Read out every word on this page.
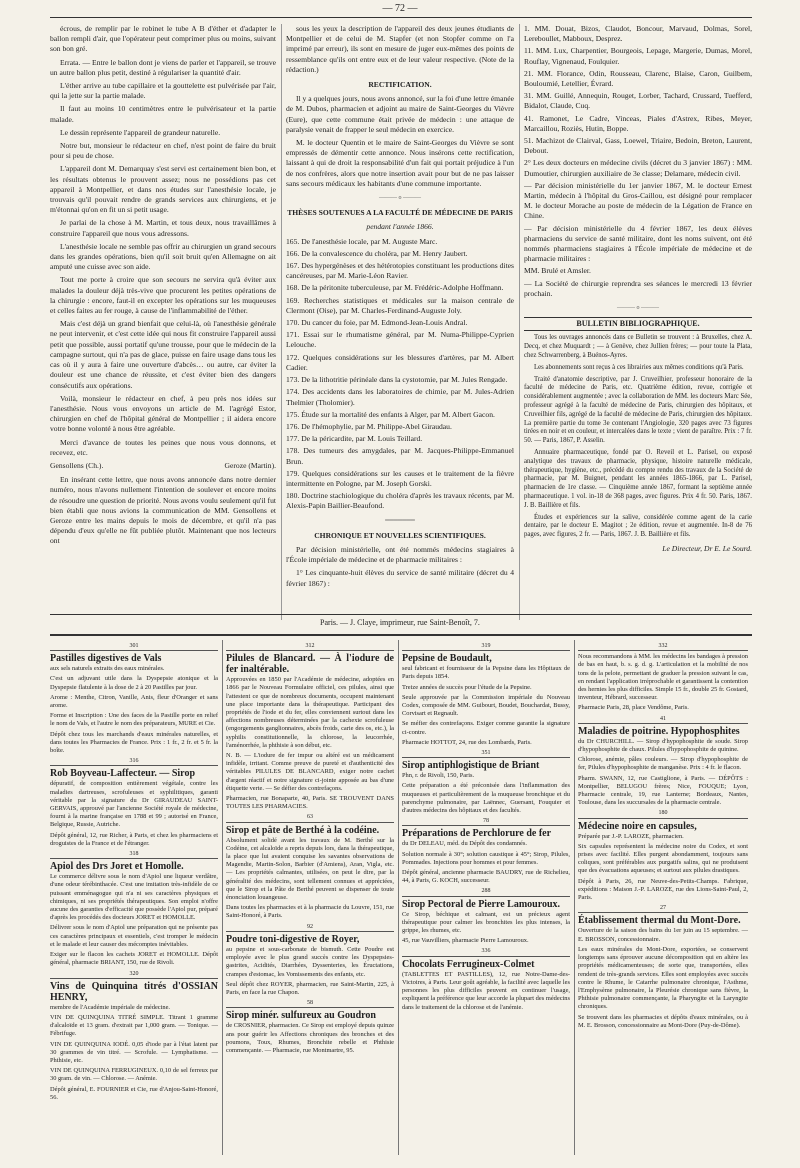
— 72 —

écrous, de remplir par le robinet le tube A B d'éther et d'adapter le ballon rempli d'air, que l'opérateur peut comprimer plus ou moins, suivant son bon gré.

Errata. — Entre le ballon dont je viens de parler et l'appareil, se trouve un autre ballon plus petit, destiné à régulariser la quantité d'air.

L'éther arrive au tube capillaire et la gouttelette est pulvérisée par l'air, qui la jette sur la partie malade.

Il faut au moins 10 centimètres entre le pulvérisateur et la partie malade.

Le dessin représente l'appareil de grandeur naturelle.

Notre but, monsieur le rédacteur en chef, n'est point de faire du bruit pour si peu de chose.

L'appareil dont M. Demarquay s'est servi est certainement bien bon, et les résultats obtenus le prouvent assez; nous ne possédions pas cet appareil à Montpellier, et dans nos études sur l'anesthésie locale, je trouvais qu'il pouvait rendre de grands services aux chirurgiens, et je m'étonnai qu'on en fit un si petit usage.

Je parlai de la chose à M. Martin, et tous deux, nous travaillâmes à construire l'appareil que nous vous adressons.

L'anesthésie locale ne semble pas offrir au chirurgien un grand secours dans les grandes opérations, bien qu'il soit bruit qu'en Allemagne on ait amputé une cuisse avec son aide.

Tout me porte à croire que son secours ne servira qu'à éviter aux malades la douleur déjà très-vive que procurent les petites opérations de la chirurgie : encore, faut-il en excepter les opérations sur les muqueuses et celles faites au fer rouge, à cause de l'inflammabilité de l'éther.

Mais c'est déjà un grand bienfait que celui-là, où l'anesthésie générale ne peut intervenir, et c'est cette idée qui nous fit construire l'appareil aussi petit que possible, aussi portatif qu'une trousse, pour que le médecin de la campagne surtout, qui n'a pas de glace, puisse en faire usage dans tous les cas où il y aura à faire une ouverture d'abcès… ou autre, car éviter la douleur est une chance de réussite, et c'est éviter bien des dangers consécutifs aux opérations.

Voilà, monsieur le rédacteur en chef, à peu près nos idées sur l'anesthésie. Nous vous envoyons un article de M. l'agrégé Estor, chirurgien en chef de l'hôpital général de Montpellier ; il aidera encore votre bonne volonté à nous être agréable.

Merci d'avance de toutes les peines que nous vous donnons, et recevez, etc.

Gensollens (Ch.).	Geroze (Martin).

En insérant cette lettre, que nous avons annoncée dans notre dernier numéro, nous n'avons nullement l'intention de soulever et encore moins de résoudre une question de priorité. Nous avons voulu seulement qu'il fut bien établi que nous avions la communication de MM. Gensollens et Geroze entre les mains depuis le mois de décembre, et qu'il n'a pas dépendu d'eux qu'elle ne fût publiée plutôt. Maintenant que nos lecteurs ont

sous les yeux la description de l'appareil des deux jeunes étudiants de Montpellier et de celui de M. Stapfer (et non Stopfer comme on l'a imprimé par erreur), ils sont en mesure de juger eux-mêmes des points de ressemblance qu'ils ont entre eux et de leur valeur respective. (Note de la rédaction.)

RECTIFICATION.

Il y a quelques jours, nous avons annoncé, sur la foi d'une lettre émanée de M. Dubos, pharmacien et adjoint au maire de Saint-Georges du Vièvre (Eure), que cette commune était privée de médecin : une attaque de paralysie venait de frapper le seul médecin en exercice.

M. le docteur Quentin et le maire de Saint-Georges du Vièvre se sont empressés de démentir cette annonce. Nous insérons cette rectification, laissant à qui de droit la responsabilité d'un fait qui portait préjudice à l'un de nos confrères, alors que notre insertion avait pour but de ne pas laisser sans secours médicaux les habitants d'une commune importante.

——— o ———
THÈSES SOUTENUES A LA FACULTÉ DE MÉDECINE DE PARIS
pendant l'année 1866.

165. De l'anesthésie locale, par M. Auguste Marc.

166. De la convalescence du choléra, par M. Henry Jaubert.

167. Des hypergénèses et des hétérotopies constituant les productions dites cancéreuses, par M. Marie-Léon Ravier.

168. De la péritonite tuberculeuse, par M. Frédéric-Adolphe Hoffmann.

169. Recherches statistiques et médicales sur la maison centrale de Clermont (Oise), par M. Charles-Ferdinand-Auguste Joly.

170. Du cancer du foie, par M. Edmond-Jean-Louis Andral.

171. Essai sur le rhumatisme général, par M. Numa-Philippe-Cyprien Lelouche.

172. Quelques considérations sur les blessures d'artères, par M. Albert Cadier.

173. De la lithotritie périnéale dans la cystotomie, par M. Jules Rengade.

174. Des accidents dans les laboratoires de chimie, par M. Jules-Adrien Thelmier (Tholomier).

175. Étude sur la mortalité des enfants à Alger, par M. Albert Gacon.

176. De l'hémophylie, par M. Philippe-Abel Giraudau.

177. De la péricardite, par M. Louis Teillard.

178. Des tumeurs des amygdales, par M. Jacques-Philippe-Emmanuel Brun.

179. Quelques considérations sur les causes et le traitement de la fièvre intermittente en Pologne, par M. Joseph Gorski.

180. Doctrine stachiologique du choléra d'après les travaux récents, par M. Alexis-Papin Baillier-Beaufond.

═══════
CHRONIQUE ET NOUVELLES SCIENTIFIQUES.

Par décision ministérielle, ont été nommés médecins stagiaires à l'École impériale de médecine et de pharmacie militaires :

1° Les cinquante-huit élèves du service de santé militaire (décret du 4 février 1867) :

1. MM. Douat, Bizos, Claudot, Boncour, Marvaud, Dolmas, Sorel, Lereboullet, Mabboux, Desprez.

11. MM. Lux, Charpentier, Bourgeois, Lepage, Margerie, Dumas, Morel, Rouflay, Vignenaud, Foulquier.

21. MM. Florance, Odin, Rousseau, Clarenc, Blaise, Caron, Guilbem, Bouloumié, Letellier, Évrard.

31. MM. Guillé, Annequin, Rouget, Lorber, Tachard, Crussard, Tuefferd, Bidalot, Claude, Cuq.

41. Ramonet, Le Cadre, Vinceas, Piales d'Astrex, Ribes, Meyer, Marcaillou, Roziès, Hutin, Boppe.

51. Machizot de Clairval, Gass, Loewel, Triaire, Bedoin, Breton, Laurent, Debout.

2° Les deux docteurs en médecine civils (décret du 3 janvier 1867) : MM. Dumoutier, chirurgien auxiliaire de 3e classe; Delamare, médecin civil.

— Par décision ministérielle du 1er janvier 1867, M. le docteur Ernest Martin, médecin à l'hôpital du Gros-Caillou, est désigné pour remplacer M. le docteur Morache au poste de médecin de la Légation de France en Chine.

— Par décision ministérielle du 4 février 1867, les deux élèves pharmaciens du service de santé militaire, dont les noms suivent, ont été nommés pharmaciens stagiaires à l'École impériale de médecine et de pharmacie militaires :

MM. Brulé et Amsler.

— La Société de chirurgie reprendra ses séances le mercredi 13 février prochain.

——— o ———
BULLETIN BIBLIOGRAPHIQUE.

Tous les ouvrages annoncés dans ce Bulletin se trouvent : à Bruxelles, chez A. Decq, et chez Muquardt ; — à Genève, chez Jullien frères; — pour toute la Plata, chez Schwarrenberg, à Buénos-Ayres.

Les abonnements sont reçus à ces librairies aux mêmes conditions qu'à Paris.

Traité d'anatomie descriptive, par J. Cruveilhier, professeur honoraire de la faculté de médecine de Paris, etc. Quatrième édition, revue, corrigée et considérablement augmentée ; avec la collaboration de MM. les docteurs Marc Sée, professeur agrégé à la faculté de médecine de Paris, chirurgien des hôpitaux, et Cruveilhier fils, agrégé de la faculté de médecine de Paris, chirurgien des hôpitaux. La première partie du tome 3e contenant l'Angiologie, 320 pages avec 73 figures tirées en noir et en couleur, et intercalées dans le texte ; vient de paraître. Prix : 7 fr. 50. — Paris, 1867, P. Asselin.

Annuaire pharmaceutique, fondé par O. Reveil et L. Parisel, ou exposé analytique des travaux de pharmacie, physique, histoire naturelle médicale, thérapeutique, hygiène, etc., précédé du compte rendu des travaux de la Société de pharmacie, par M. Buignet, pendant les années 1865-1866, par L. Parisel, pharmacien de 1re classe. — Cinquième année 1867, formant la septième année pharmaceutique. 1 vol. in-18 de 368 pages, avec figures. Prix 4 fr. 50. Paris, 1867. J. B. Baillière et fils.

Études et expériences sur la salive, considérée comme agent de la carie dentaire, par le docteur E. Magitot ; 2e édition, revue et augmentée. In-8 de 76 pages, avec figures, 2 fr. — Paris, 1867. J. B. Baillière et fils.

Le Directeur, Dr E. Le Sourd.
Paris. — J. Claye, imprimeur, rue Saint-Benoît, 7.
301
Pastilles digestives de Vals

aux sels naturels extraits des eaux minérales.

C'est un adjuvant utile dans la Dyspepsie atonique et la Dyspepsie flatulente à la dose de 2 à 20 Pastilles par jour.

Arome : Menthe, Citron, Vanille, Anis, fleur d'Oranger et sans arome.

Forme et Inscription : Une des faces de la Pastille porte en relief le nom de Vals, et l'autre le nom des préparateurs, MURE et Cie.

Dépôt chez tous les marchands d'eaux minérales naturelles, et dans toutes les Pharmacies de France. Prix : 1 fr., 2 fr. et 5 fr. la boîte.

316
Rob Boyveau-Laffecteur. — Sirop

dépuratif, de composition entièrement végétale, contre les maladies dartreuses, scrofuleuses et syphilitiques, garanti véritable par la signature du Dr GIRAUDEAU SAINT-GERVAIS, approuvé par l'ancienne Société royale de médecine, fourni à la marine française en 1788 et 99 ; autorisé en France, Belgique, Russie, Autriche.

Dépôt général, 12, rue Richer, à Paris, et chez les pharmaciens et droguistes de la France et de l'étranger.

318
Apiol des Drs Joret et Homolle.

Le commerce délivre sous le nom d'Apiol une liqueur verdâtre, d'une odeur térébinthacée. C'est une imitation très-infidèle de ce puissant emménagogue qui n'a ni ses caractères physiques et chimiques, ni ses propriétés thérapeutiques. Son emploi n'offre aucune des garanties d'efficacité que possède l'Apiol pur, préparé d'après les procédés des docteurs JORET et HOMOLLE.

Délivrer sous le nom d'Apiol une préparation qui ne présente pas ces caractères principaux et essentiels, c'est tromper le médecin et le malade et leur causer des mécomptes inévitables.

Exiger sur le flacon les cachets JORET et HOMOLLE. Dépôt général, pharmacie BRIANT, 150, rue de Rivoli.

320
Vins de Quinquina titrés d'OSSIAN HENRY,

membre de l'Académie impériale de médecine.

VIN DE QUINQUINA TITRÉ SIMPLE. Titrant 1 gramme d'alcaloïde et 13 gram. d'extrait par 1,000 gram. — Tonique. — Fébrifuge.

VIN DE QUINQUINA IODÉ. 0,05 d'iode par à l'état latent par 30 grammes de vin titré. — Scrofule. — Lymphatisme. — Phthisie, etc.

VIN DE QUINQUINA FERRUGINEUX. 0,10 de sel ferreux par 30 gram. de vin. — Chlorose. — Anémie.

Dépôt général, E. FOURNIER et Cie, rue d'Anjou-Saint-Honoré, 56.

312
Pilules de Blancard. — À l'iodure de fer inaltérable.

Approuvées en 1850 par l'Académie de médecine, adoptées en 1866 par le Nouveau Formulaire officiel, ces pilules, ainsi que l'attestent ce que de nombreux documents, occupent maintenant une place importante dans la thérapeutique. Participant des propriétés de l'iode et du fer, elles conviennent surtout dans les affections nombreuses déterminées par la cachexie scrofuleuse (engorgements ganglionnaires, abcès froids, carie des os, etc.), la syphilis constitutionnelle, la chlorose, la leucorrhée, l'aménorrhée, la phthisie à son début, etc.

N. B. — L'iodure de fer impur ou altéré est un médicament infidèle, irritant. Comme preuve de pureté et d'authenticité des véritables PILULES DE BLANCARD, exiger notre cachet d'argent réactif et notre signature ci-jointe apposée au bas d'une étiquette verte. — Se défier des contrefaçons.

Pharmacien, rue Bonaparte, 40, Paris. SE TROUVENT DANS TOUTES LES PHARMACIES.

63
Sirop et pâte de Berthé à la codéine.

Absolument solidé avant les travaux de M. Berthé sur la Codéine, cet alcaloïde a repris depuis lors, dans la thérapeutique, la place que lui avaient conquise les savantes observations de Magendie, Martin-Solon, Barbier (d'Amiens), Aran, Vigla, etc. — Les propriétés calmantes, utilisées, on peut le dire, par la généralité des médecins, sont tellement connues et appréciées, que le Sirop et la Pâte de Berthé peuvent se dispenser de toute énonciation louangeuse.

Dans toutes les pharmacies et à la pharmacie du Louvre, 151, rue Saint-Honoré, à Paris.

92
Poudre toni-digestive de Royer,

au pepsine et sous-carbonate de bismuth. Cette Poudre est employée avec le plus grand succès contre les Dyspepsies-gastrites, Acidités, Diarrhées, Dyssenteries, les Éructations, crampes d'estomac, les Vomissements des enfants, etc.

Seul dépôt chez ROYER, pharmacien, rue Saint-Martin, 225, à Paris, en face la rue Chapon.

58
Sirop minér. sulfureux au Goudron

de CROSNIER, pharmacien. Ce Sirop est employé depuis quinze ans pour guérir les Affections chroniques des bronches et des poumons, Toux, Rhumes, Bronchite rebelle et Phthisie commençante. — Pharmacie, rue Montmartre, 95.

319
Pepsine de Boudault,

seul fabricant et fournisseur de la Pepsine dans les Hôpitaux de Paris depuis 1854.

Treize années de succès pour l'étude de la Pepsine.

Seule approuvée par la Commission impériale du Nouveau Codex, composée de MM. Guibourt, Boudet, Bouchardat, Bussy, Corvisart et Regnault.

Se méfier des contrefaçons. Exiger comme garantie la signature ci-contre.

Pharmacie HOTTOT, 24, rue des Lombards, Paris.

351
Sirop antiphlogistique de Briant

Phn, r. de Rivoli, 150, Paris.

Cette préparation a été préconisée dans l'inflammation des muqueuses et particulièrement de la muqueuse bronchique et du parenchyme pulmonaire, par Laënnec, Guersant, Fouquier et d'autres médecins des hôpitaux et des facultés.

78
Préparations de Perchlorure de fer

du Dr DELEAU, méd. du Dépôt des condamnés.

Solution normale à 30°; solution caustique à 45°; Sirop, Pilules, Pommades. Injections pour hommes et pour femmes.

Dépôt général, ancienne pharmacie BAUDRY, rue de Richelieu, 44, à Paris, G. KOCH, successeur.

288
Sirop Pectoral de Pierre Lamouroux.

Ce Sirop, béchique et calmant, est un précieux agent thérapeutique pour calmer les bronchites les plus intenses, la grippe, les rhumes, etc.

45, rue Vauvilliers, pharmacie Pierre Lamouroux.

336
Chocolats Ferrugineux-Colmet

(TABLETTES ET PASTILLES), 12, rue Notre-Dame-des-Victoires, à Paris. Leur goût agréable, la facilité avec laquelle les personnes les plus difficiles peuvent en continuer l'usage, expliquent la préférence que leur accorde la plupart des médecins dans le traitement de la chlorose et de l'anémie.

332

Nous recommandons à MM. les médecins les bandages à pression de bas en haut, b. s. g. d. g. L'articulation et la mobilité de nos tons de la pelote, permettant de graduer la pression suivant le cas, en rendant l'application irréprochable et garantissent la contention des hernies les plus difficiles. Simple 15 fr., double 25 fr. Gostard, inventeur, Hébrard, successeur.

Pharmacie Paris, 28, place Vendôme, Paris.

41
Maladies de poitrine. Hypophosphites

du Dr CHURCHILL. — Sirop d'hypophosphite de soude. Sirop d'hypophosphite de chaux. Pilules d'hypophosphite de quinine.

Chlorose, anémie, pâles couleurs. — Sirop d'hypophosphite de fer, Pilules d'hypophosphite de manganèse. Prix : 4 fr. le flacon.

Pharm. SWANN, 12, rue Castiglione, à Paris. — DÉPÔTS : Montpellier, BELUGOU frères; Nice, FOUQUE; Lyon, Pharmacie centrale, 19, rue Lanterne; Bordeaux, Nantes, Toulouse, dans les succursales de la pharmacie centrale.

180
Médecine noire en capsules,

Préparée par J.-P. LAROZE, pharmacien.

Six capsules représentent la médecine noire du Codex, et sont prises avec facilité. Elles purgent abondamment, toujours sans coliques, sont préférables aux purgatifs salins, qui ne produisent que des évacuations aqueuses; et surtout aux pilules drastiques.

Dépôt à Paris, 26, rue Neuve-des-Petits-Champs. Fabrique, expéditions : Maison J.-P. LAROZE, rue des Lions-Saint-Paul, 2, Paris.

27
Établissement thermal du Mont-Dore.

Ouverture de la saison des bains du 1er juin au 15 septembre. — E. BROSSON, concessionnaire.

Les eaux minérales du Mont-Dore, exportées, se conservent longtemps sans éprouver aucune décomposition qui en altère les propriétés médicamenteuses; de sorte que, transportées, elles rendent de très-grands services. Elles sont employées avec succès contre le Rhume, le Catarrhe pulmonaire chronique, l'Asthme, l'Emphysème pulmonaire, la Pleurésie chronique sans fièvre, la Phthisie pulmonaire commençante, la Pharyngite et la Laryngite chroniques.

Se trouvent dans les pharmacies et dépôts d'eaux minérales, ou à M. E. Brosson, concessionnaire au Mont-Dore (Puy-de-Dôme).
